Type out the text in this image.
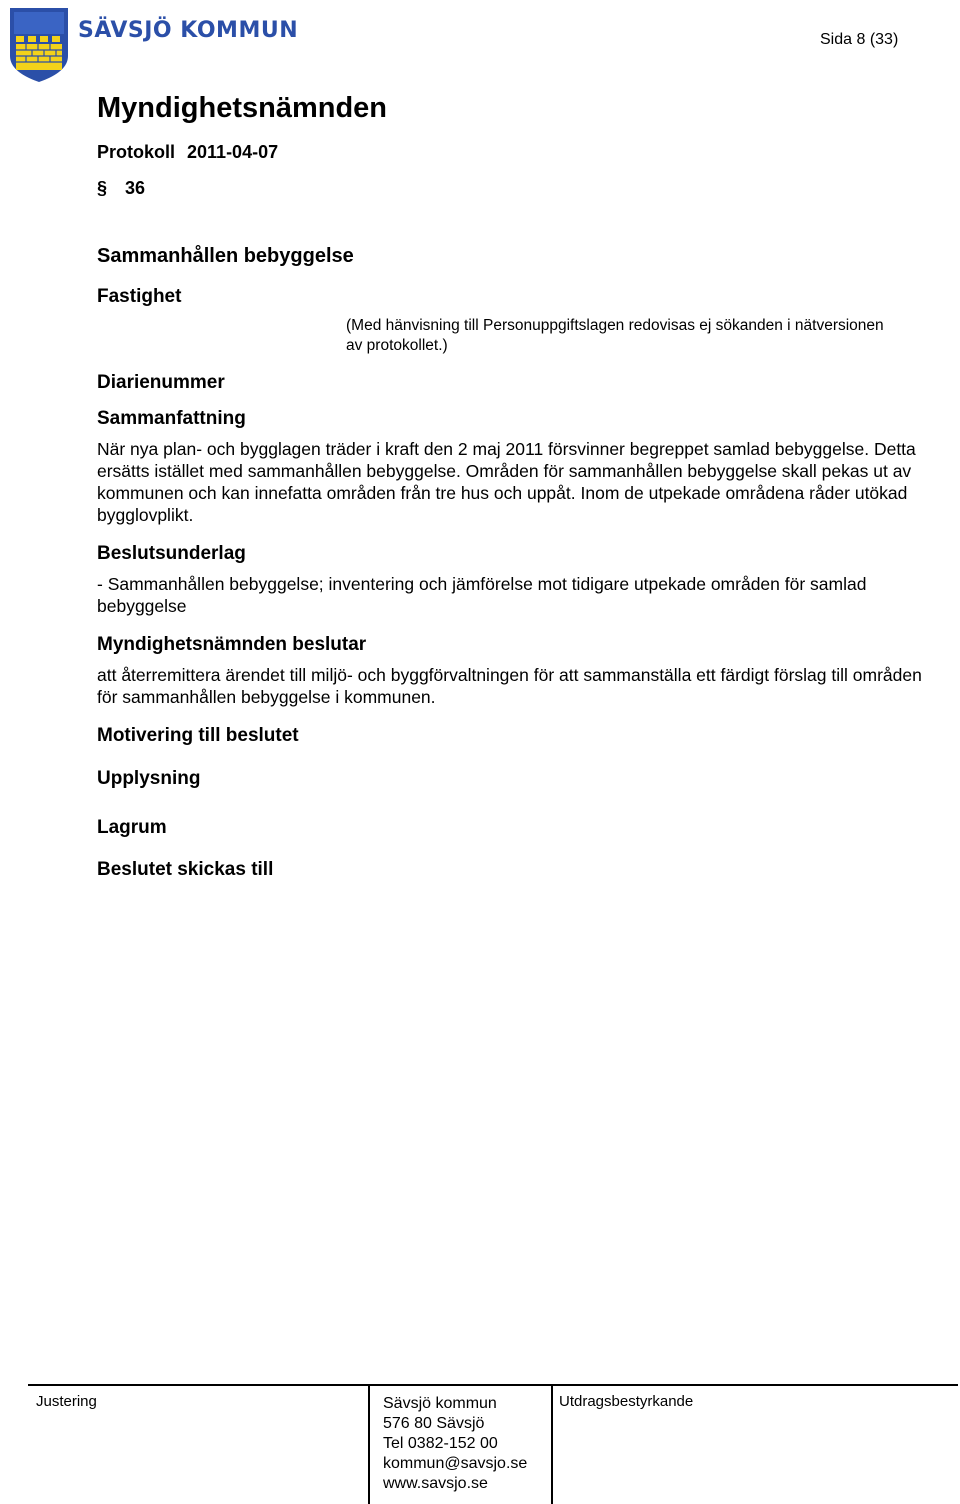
SÄVSJÖ KOMMUN	Sida 8 (33)
Myndighetsnämnden
Protokoll 2011-04-07
§ 36
Sammanhållen bebyggelse
Fastighet
(Med hänvisning till Personuppgiftslagen redovisas ej sökanden i nätversionen av protokollet.)
Diarienummer
Sammanfattning
När nya plan- och bygglagen träder i kraft den 2 maj 2011 försvinner begreppet samlad bebyggelse. Detta ersätts istället med sammanhållen bebyggelse. Områden för sammanhållen bebyggelse skall pekas ut av kommunen och kan innefatta områden från tre hus och uppåt. Inom de utpekade områdena råder utökad bygglovplikt.
Beslutsunderlag
- Sammanhållen bebyggelse; inventering och jämförelse mot tidigare utpekade områden för samlad bebyggelse
Myndighetsnämnden beslutar
att återremittera ärendet till miljö- och byggförvaltningen för att sammanställa ett färdigt förslag till områden för sammanhållen bebyggelse i kommunen.
Motivering till beslutet
Upplysning
Lagrum
Beslutet skickas till
Justering	Sävsjö kommun
576 80 Sävsjö
Tel 0382-152 00
kommun@savsjo.se
www.savsjo.se
Utdragsbestyrkande
